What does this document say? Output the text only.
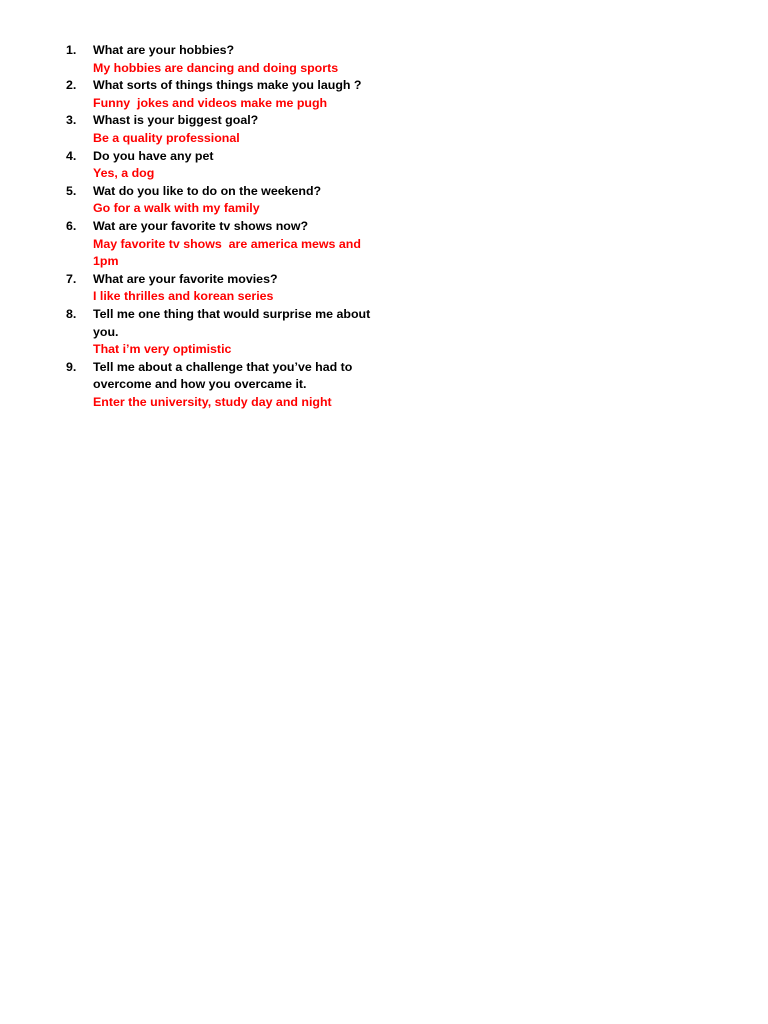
1.	What are your hobbies?
My hobbies are dancing and doing sports
2.	What sorts of things things make you laugh ?
Funny  jokes and videos make me pugh
3.	Whast is your biggest goal?
Be a quality professional
4.	Do you have any pet
Yes, a dog
5.	Wat do you like to do on the weekend?
Go for a walk with my family
6.	Wat are your favorite tv shows now?
May favorite tv shows  are america mews and 1pm
7.	What are your favorite movies?
I like thrilles and korean series
8.	Tell me one thing that would surprise me about you.
That i’m very optimistic
9.	Tell me about a challenge that you’ve had to overcome and how you overcame it.
Enter the university, study day and night
